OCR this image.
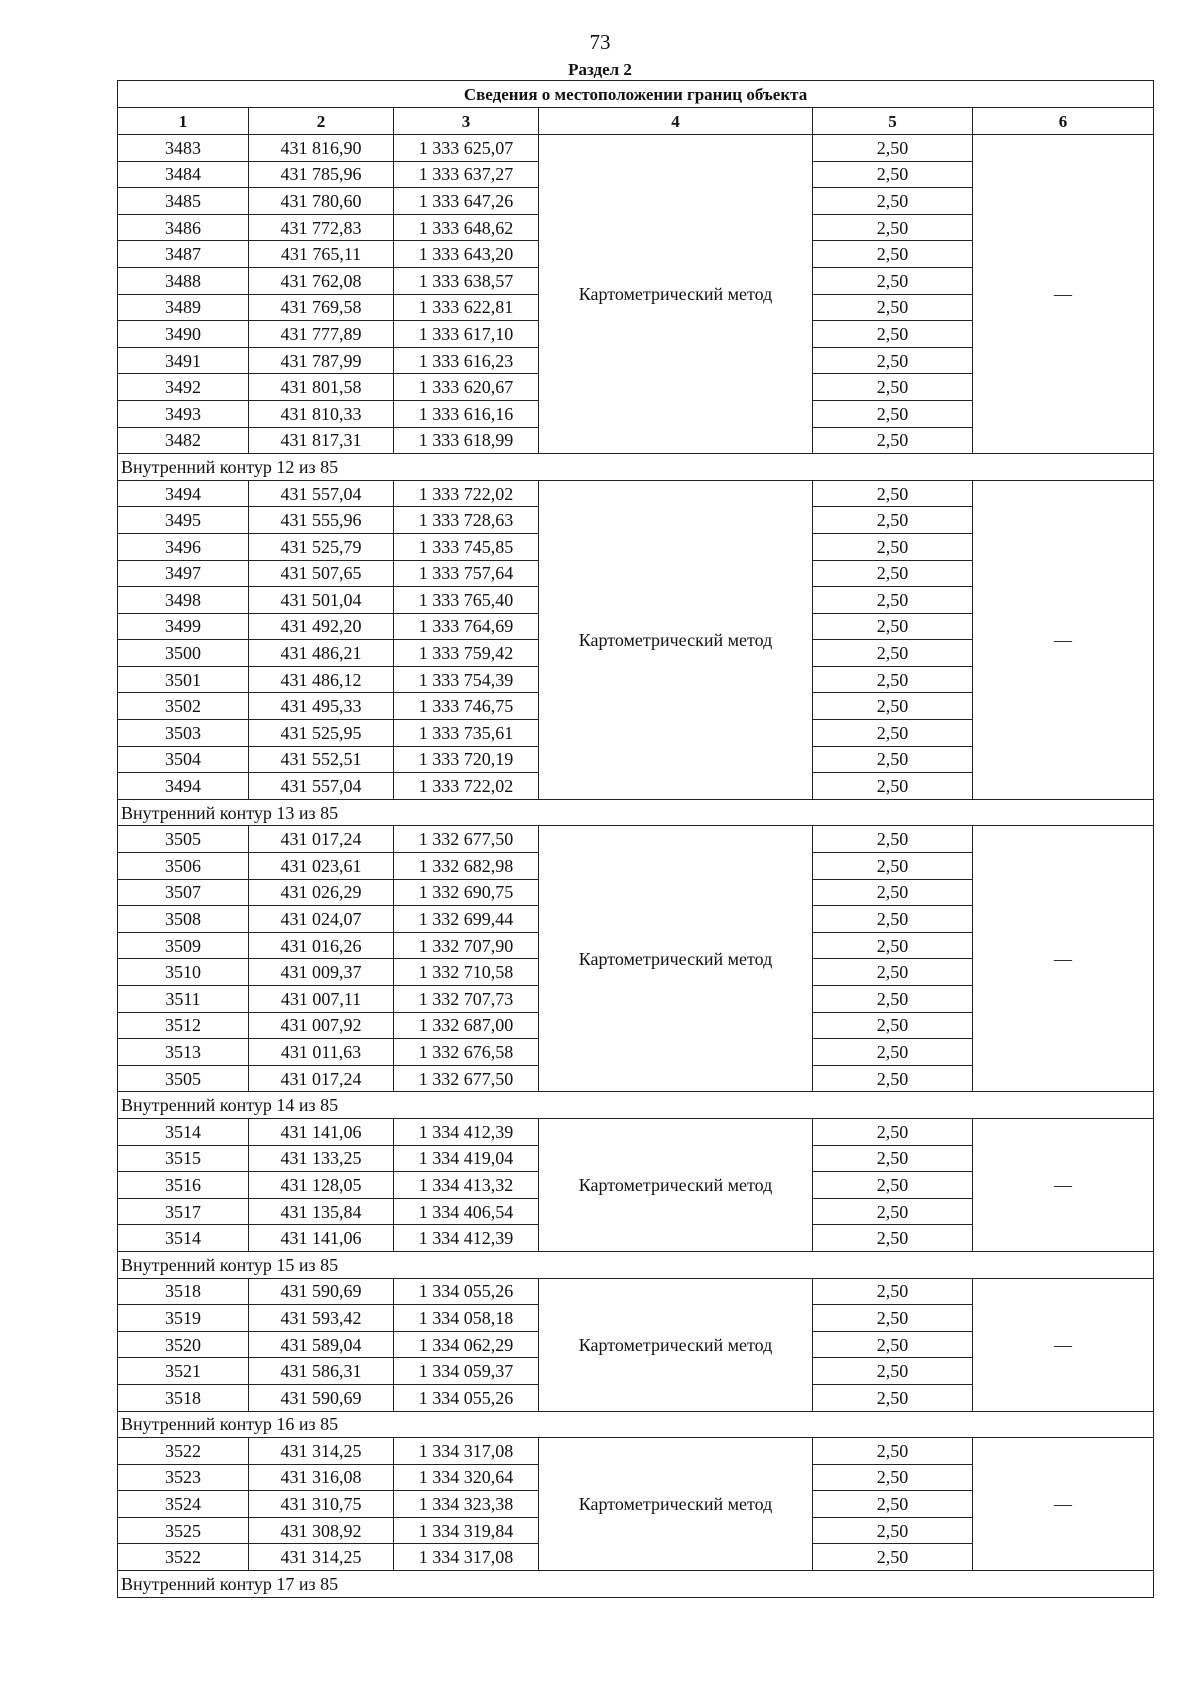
73
Раздел 2
Сведения о местоположении границ объекта					
1	2	3	4	5	6
3483	431 816,90	1 333 625,07	Картометрический метод	2,50	—
3484	431 785,96	1 333 637,27		2,50	
3485	431 780,60	1 333 647,26		2,50	
3486	431 772,83	1 333 648,62		2,50	
3487	431 765,11	1 333 643,20		2,50	
3488	431 762,08	1 333 638,57		2,50	
3489	431 769,58	1 333 622,81		2,50	
3490	431 777,89	1 333 617,10		2,50	
3491	431 787,99	1 333 616,23		2,50	
3492	431 801,58	1 333 620,67		2,50	
3493	431 810,33	1 333 616,16		2,50	
3482	431 817,31	1 333 618,99		2,50	
Внутренний контур 12 из 85					
3494	431 557,04	1 333 722,02	Картометрический метод	2,50	—
3495	431 555,96	1 333 728,63		2,50	
3496	431 525,79	1 333 745,85		2,50	
3497	431 507,65	1 333 757,64		2,50	
3498	431 501,04	1 333 765,40		2,50	
3499	431 492,20	1 333 764,69		2,50	
3500	431 486,21	1 333 759,42		2,50	
3501	431 486,12	1 333 754,39		2,50	
3502	431 495,33	1 333 746,75		2,50	
3503	431 525,95	1 333 735,61		2,50	
3504	431 552,51	1 333 720,19		2,50	
3494	431 557,04	1 333 722,02		2,50	
Внутренний контур 13 из 85					
3505	431 017,24	1 332 677,50	Картометрический метод	2,50	—
3506	431 023,61	1 332 682,98		2,50	
3507	431 026,29	1 332 690,75		2,50	
3508	431 024,07	1 332 699,44		2,50	
3509	431 016,26	1 332 707,90		2,50	
3510	431 009,37	1 332 710,58		2,50	
3511	431 007,11	1 332 707,73		2,50	
3512	431 007,92	1 332 687,00		2,50	
3513	431 011,63	1 332 676,58		2,50	
3505	431 017,24	1 332 677,50		2,50	
Внутренний контур 14 из 85					
3514	431 141,06	1 334 412,39	Картометрический метод	2,50	—
3515	431 133,25	1 334 419,04		2,50	
3516	431 128,05	1 334 413,32		2,50	
3517	431 135,84	1 334 406,54		2,50	
3514	431 141,06	1 334 412,39		2,50	
Внутренний контур 15 из 85					
3518	431 590,69	1 334 055,26	Картометрический метод	2,50	—
3519	431 593,42	1 334 058,18		2,50	
3520	431 589,04	1 334 062,29		2,50	
3521	431 586,31	1 334 059,37		2,50	
3518	431 590,69	1 334 055,26		2,50	
Внутренний контур 16 из 85					
3522	431 314,25	1 334 317,08	Картометрический метод	2,50	—
3523	431 316,08	1 334 320,64		2,50	
3524	431 310,75	1 334 323,38		2,50	
3525	431 308,92	1 334 319,84		2,50	
3522	431 314,25	1 334 317,08		2,50	
Внутренний контур 17 из 85					
